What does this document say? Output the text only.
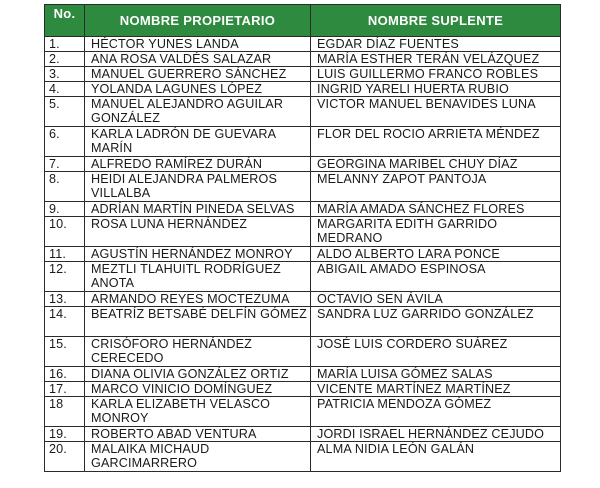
No.	NOMBRE PROPIETARIO	NOMBRE SUPLENTE
1.	HÉCTOR YUNES LANDA	EGDAR DÍAZ FUENTES
2.	ANA ROSA VALDÉS SALAZAR	MARÍA ESTHER TERÁN VELÁZQUEZ
3.	MANUEL GUERRERO SÁNCHEZ	LUIS GUILLERMO FRANCO ROBLES
4.	YOLANDA LAGUNES LÓPEZ	INGRID YARELI HUERTA RUBIO
5.	MANUEL ALEJANDRO AGUILAR GONZÁLEZ	VICTOR MANUEL BENAVIDES LUNA
6.	KARLA LADRÓN DE GUEVARA MARÍN	FLOR DEL ROCIO ARRIETA MÉNDEZ
7.	ALFREDO RAMÍREZ DURÁN	GEORGINA MARIBEL CHUY DÍAZ
8.	HEIDI ALEJANDRA PALMEROS VILLALBA	MELANNY ZAPOT PANTOJA
9.	ADRÍAN MARTÍN PINEDA SELVAS	MARÍA AMADA SÁNCHEZ FLORES
10.	ROSA LUNA HERNÁNDEZ	MARGARITA EDITH GARRIDO MEDRANO
11.	AGUSTÍN HERNÁNDEZ MONROY	ALDO ALBERTO LARA PONCE
12.	MEZTLI TLAHUITL RODRÍGUEZ ANOTA	ABIGAIL AMADO ESPINOSA
13.	ARMANDO REYES MOCTEZUMA	OCTAVIO SEN ÁVILA
14.	BEATRÍZ BETSABÉ DELFÍN GÓMEZ	SANDRA LUZ GARRIDO GONZÁLEZ
15.	CRISÓFORO HERNÁNDEZ CERECEDO	JOSÉ LUIS CORDERO SUÁREZ
16.	DIANA OLIVIA GONZÁLEZ ORTIZ	MARÍA LUISA GÓMEZ SALAS
17.	MARCO VINICIO DOMÍNGUEZ	VICENTE MARTÍNEZ MARTÍNEZ
18	KARLA ELIZABETH VELASCO MONROY	PATRICIA MENDOZA GÓMEZ
19.	ROBERTO ABAD VENTURA	JORDI ISRAEL HERNÁNDEZ CEJUDO
20.	MALAIKA MICHAUD GARCIMARRERO	ALMA NIDIA LEÓN GALÁN
